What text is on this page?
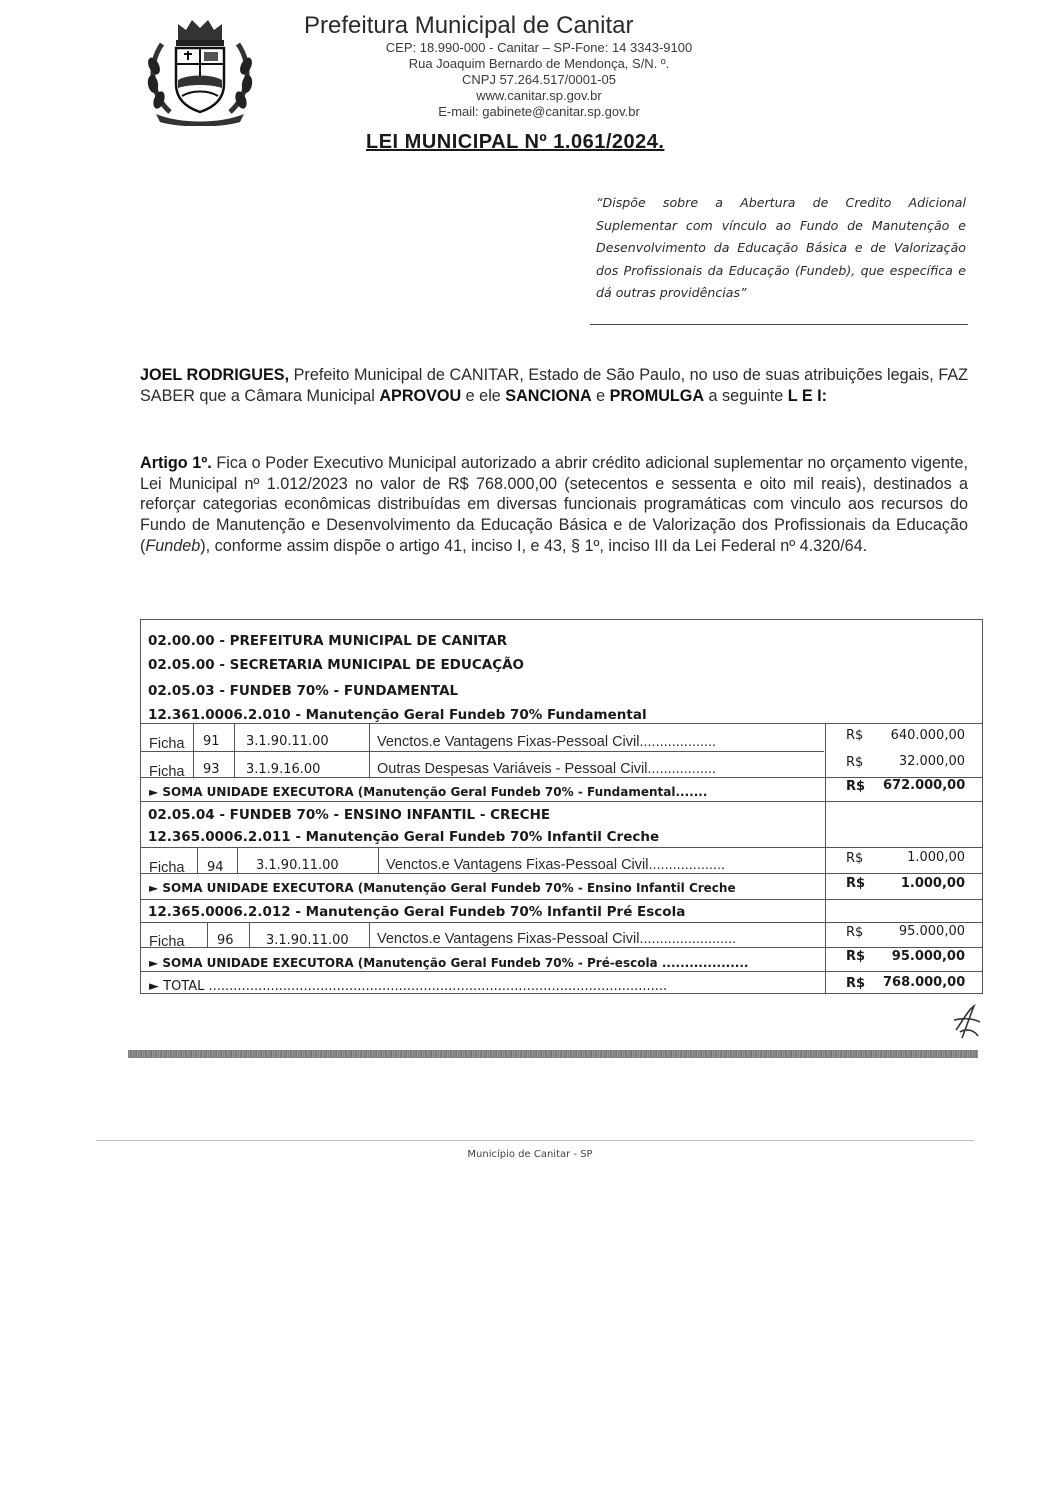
Prefeitura Municipal de Canitar
CEP: 18.990-000 - Canitar – SP-Fone: 14 3343-9100
Rua Joaquim Bernardo de Mendonça, S/N. º.
CNPJ 57.264.517/0001-05
www.canitar.sp.gov.br
E-mail: gabinete@canitar.sp.gov.br
LEI MUNICIPAL Nº 1.061/2024.
“Dispõe sobre a Abertura de Credito Adicional Suplementar com vínculo ao Fundo de Manutenção e Desenvolvimento da Educação Básica e de Valorização dos Profissionais da Educação (Fundeb), que específica e dá outras providências”
JOEL RODRIGUES, Prefeito Municipal de CANITAR, Estado de São Paulo, no uso de suas atribuições legais, FAZ SABER que a Câmara Municipal APROVOU e ele SANCIONA e PROMULGA a seguinte L E I:
Artigo 1º. Fica o Poder Executivo Municipal autorizado a abrir crédito adicional suplementar no orçamento vigente, Lei Municipal nº 1.012/2023 no valor de R$ 768.000,00 (setecentos e sessenta e oito mil reais), destinados a reforçar categorias econômicas distribuídas em diversas funcionais programáticas com vinculo aos recursos do Fundo de Manutenção e Desenvolvimento da Educação Básica e de Valorização dos Profissionais da Educação (Fundeb), conforme assim dispõe o artigo 41, inciso I, e 43, § 1º, inciso III da Lei Federal nº 4.320/64.
02.00.00 - PREFEITURA MUNICIPAL DE CANITAR
02.05.00 - SECRETARIA MUNICIPAL DE EDUCAÇÃO
02.05.03 - FUNDEB 70% - FUNDAMENTAL
12.361.0006.2.010 - Manutenção Geral Fundeb 70% Fundamental
Ficha 91 3.1.90.11.00	Venctos.e Vantagens Fixas-Pessoal Civil...................	R$	640.000,00
Ficha 93 3.1.9.16.00	Outras Despesas Variáveis - Pessoal Civil.................	R$	32.000,00
► SOMA UNIDADE EXECUTORA (Manutenção Geral Fundeb 70% - Fundamental.......	R$ 672.000,00
02.05.04 - FUNDEB 70% - ENSINO INFANTIL - CRECHE
12.365.0006.2.011 - Manutenção Geral Fundeb 70% Infantil Creche
Ficha 94 3.1.90.11.00	Venctos.e Vantagens Fixas-Pessoal Civil...................	R$	1.000,00
► SOMA UNIDADE EXECUTORA (Manutenção Geral Fundeb 70% - Ensino Infantil Creche	R$	1.000,00
12.365.0006.2.012 - Manutenção Geral Fundeb 70% Infantil Pré Escola
Ficha	96 3.1.90.11.00 Venctos.e Vantagens Fixas-Pessoal Civil........................	R$	95.000,00
► SOMA UNIDADE EXECUTORA (Manutenção Geral Fundeb 70% - Pré-escola ...................	R$	95.000,00
► TOTAL ...............................................................................................................	R$ 768.000,00
Município de Canitar - SP
